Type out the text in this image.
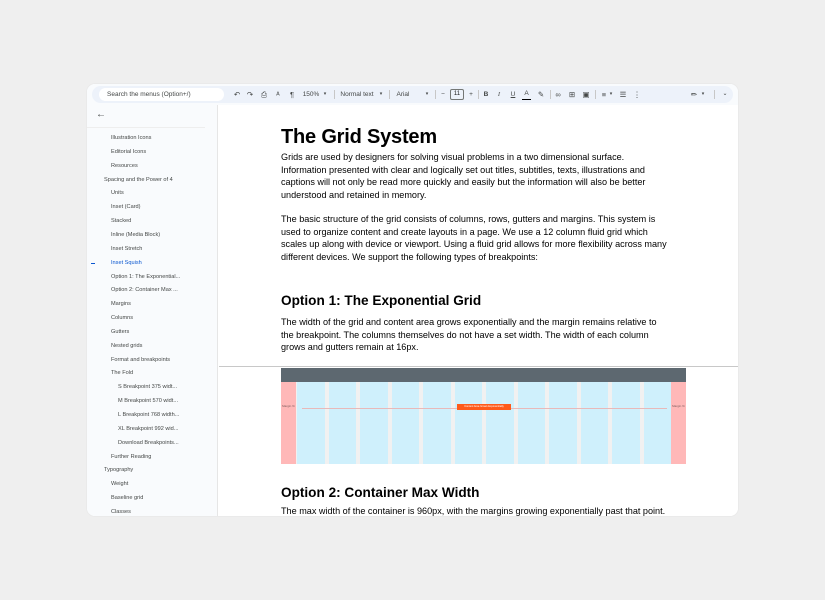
Search the menus (Option+/)	↶ ↷ ⎙	ᴬ	¶	150% ▾	Normal text	▾	Arial	▾	−	11	+	B	I	U	A	✎	∞	⊞ ▣	≡ ▾ ☰ ⋮	✏ ▾	⌄
←
Illustration Icons
Editorial Icons
Resources
Spacing and the Power of 4
Units
Inset (Card)
Stacked
Inline (Media Block)
Inset Stretch
Inset Squish
Option 1: The Exponential...
Option 2: Container Max ...
Margins
Columns
Gutters
Nested grids
Format and breakpoints
The Fold
S Breakpoint 375 widt...
M Breakpoint 570 widt...
L Breakpoint 768 width...
XL Breakpoint 992 wid...
Download Breakpoints...
Further Reading
Typography
Weight
Baseline grid
Classes
The Grid System
Grids are used by designers for solving visual problems in a two dimensional surface.
Information presented with clear and logically set out titles, subtitles, texts, illustrations and
captions will not only be read more quickly and easily but the information will also be better
understood and retained in memory.
The basic structure of the grid consists of columns, rows, gutters and margins. This system is
used to organize content and create layouts in a page. We use a 12 column fluid grid which
scales up along with device or viewport. Using a fluid grid allows for more flexibility across many
different devices. We support the following types of breakpoints:
Option 1: The Exponential Grid
The width of the grid and content area grows exponentially and the margin remains relative to
the breakpoint. The columns themselves do not have a set width. The width of each column
grows and gutters remain at 16px.
Margin %	Margin %
Content Area Grows Exponentially
Option 2: Container Max Width
The max width of the container is 960px, with the margins growing exponentially past that point.
